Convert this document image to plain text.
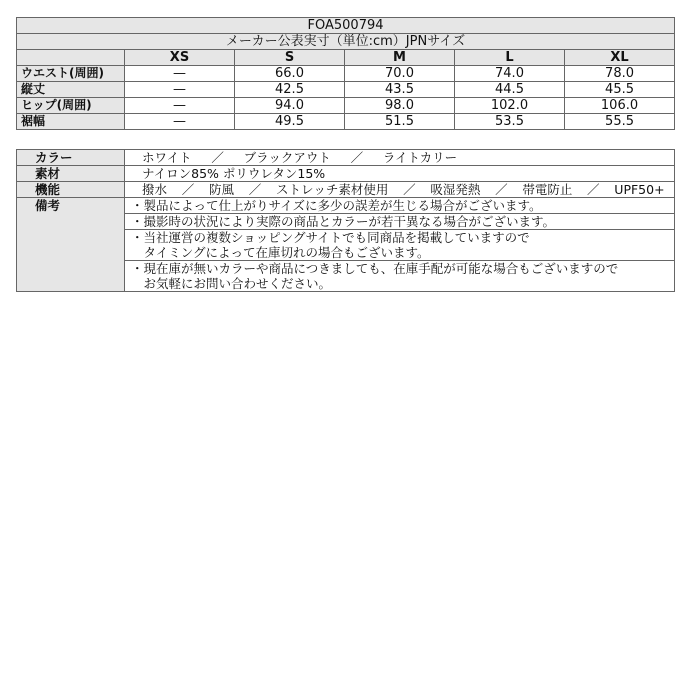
FOA500794					
メーカー公表実寸（単位:cm）JPNサイズ					
	XS	S	M	L	XL
ウエスト(周囲)	—	66.0	70.0	74.0	78.0
縦丈	—	42.5	43.5	44.5	45.5
ヒップ(周囲)	—	94.0	98.0	102.0	106.0
裾幅	—	49.5	51.5	53.5	55.5
カラー	ホワイト ／ ブラックアウト ／ ライトカリー
素材	ナイロン85% ポリウレタン15%
機能	撥水 ／ 防風 ／ ストレッチ素材使用 ／ 吸湿発熱 ／ 帯電防止 ／ UPF50+
備考	・製品によって仕上がりサイズに多少の誤差が生じる場合がございます。

	・撮影時の状況により実際の商品とカラーが若干異なる場合がございます。

	・当社運営の複数ショッピングサイトでも同商品を掲載していますので
　タイミングによって在庫切れの場合もございます。

	・現在庫が無いカラーや商品につきましても、在庫手配が可能な場合もございますので
　お気軽にお問い合わせください。
